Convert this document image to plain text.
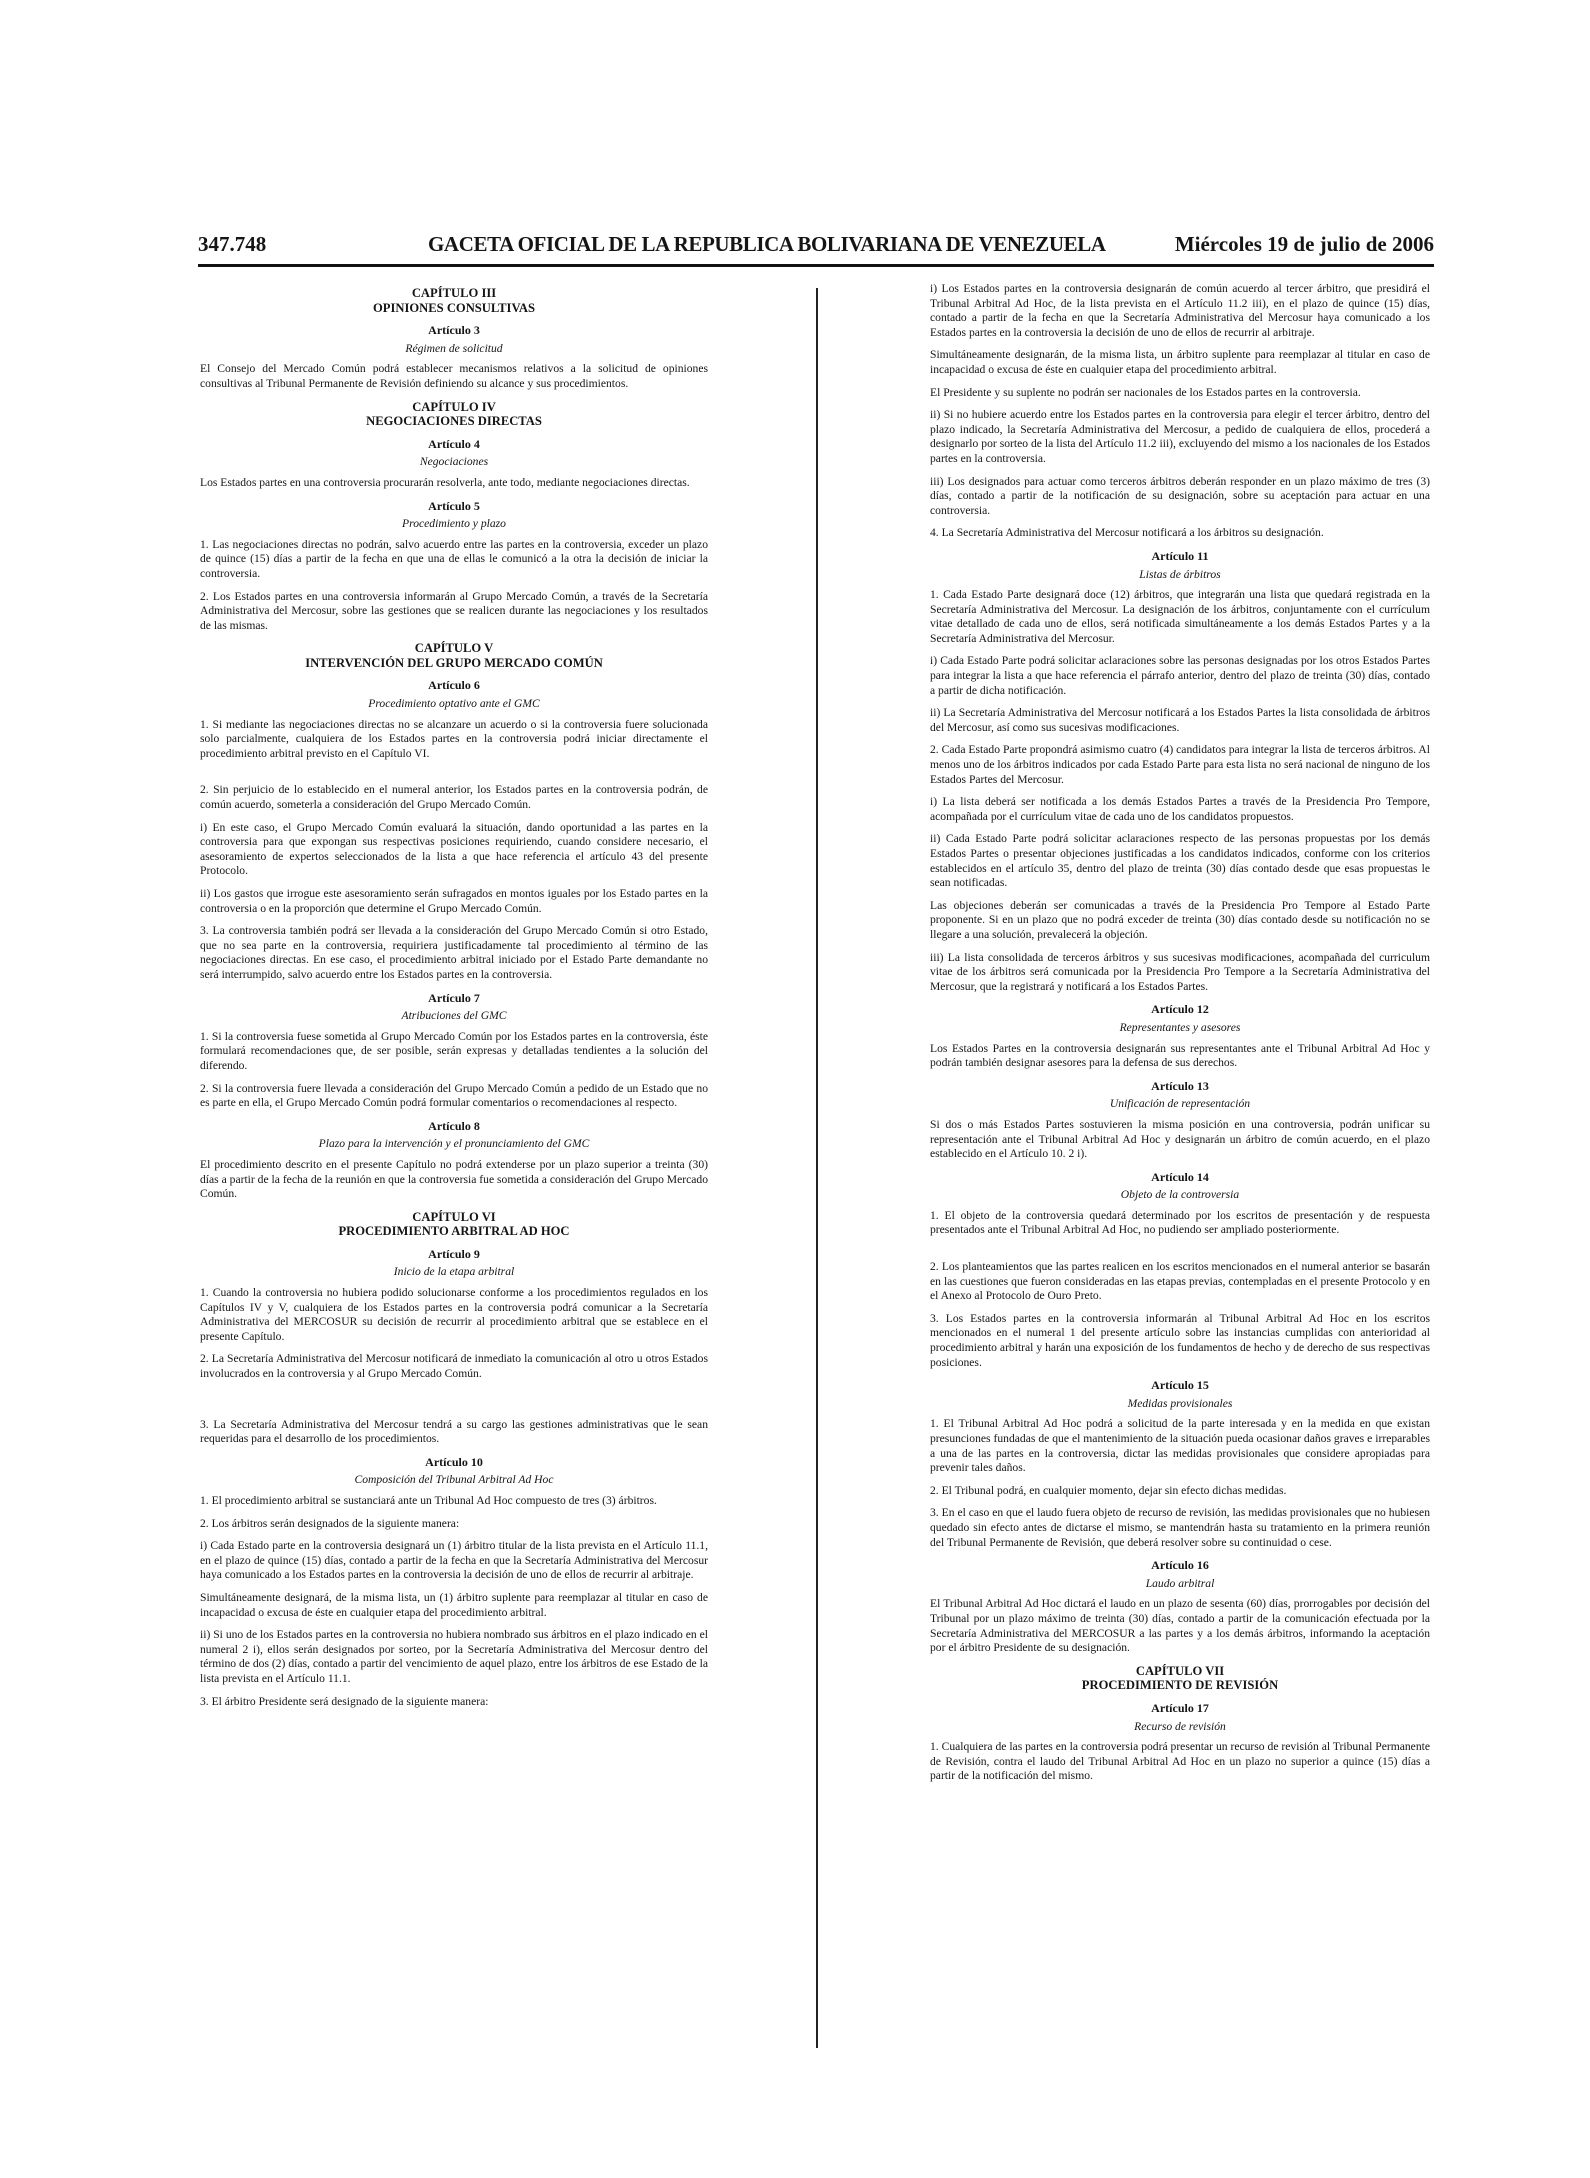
347.748	GACETA OFICIAL DE LA REPUBLICA BOLIVARIANA DE VENEZUELA	Miércoles 19 de julio de 2006
CAPÍTULO III
OPINIONES CONSULTIVAS
Artículo 3
Régimen de solicitud

El Consejo del Mercado Común podrá establecer mecanismos relativos a la solicitud de opiniones consultivas al Tribunal Permanente de Revisión definiendo su alcance y sus procedimientos.

CAPÍTULO IV
NEGOCIACIONES DIRECTAS
Artículo 4
Negociaciones

Los Estados partes en una controversia procurarán resolverla, ante todo, mediante negociaciones directas.

Artículo 5
Procedimiento y plazo

1. Las negociaciones directas no podrán, salvo acuerdo entre las partes en la controversia, exceder un plazo de quince (15) días a partir de la fecha en que una de ellas le comunicó a la otra la decisión de iniciar la controversia.

2. Los Estados partes en una controversia informarán al Grupo Mercado Común, a través de la Secretaría Administrativa del Mercosur, sobre las gestiones que se realicen durante las negociaciones y los resultados de las mismas.

CAPÍTULO V
INTERVENCIÓN DEL GRUPO MERCADO COMÚN
Artículo 6
Procedimiento optativo ante el GMC

1. Si mediante las negociaciones directas no se alcanzare un acuerdo o si la controversia fuere solucionada solo parcialmente, cualquiera de los Estados partes en la controversia podrá iniciar directamente el procedimiento arbitral previsto en el Capítulo VI.

2. Sin perjuicio de lo establecido en el numeral anterior, los Estados partes en la controversia podrán, de común acuerdo, someterla a consideración del Grupo Mercado Común.

i) En este caso, el Grupo Mercado Común evaluará la situación, dando oportunidad a las partes en la controversia para que expongan sus respectivas posiciones requiriendo, cuando considere necesario, el asesoramiento de expertos seleccionados de la lista a que hace referencia el artículo 43 del presente Protocolo.

ii) Los gastos que irrogue este asesoramiento serán sufragados en montos iguales por los Estado partes en la controversia o en la proporción que determine el Grupo Mercado Común.

3. La controversia también podrá ser llevada a la consideración del Grupo Mercado Común si otro Estado, que no sea parte en la controversia, requiriera justificadamente tal procedimiento al término de las negociaciones directas. En ese caso, el procedimiento arbitral iniciado por el Estado Parte demandante no será interrumpido, salvo acuerdo entre los Estados partes en la controversia.

Artículo 7
Atribuciones del GMC

1. Si la controversia fuese sometida al Grupo Mercado Común por los Estados partes en la controversia, éste formulará recomendaciones que, de ser posible, serán expresas y detalladas tendientes a la solución del diferendo.

2. Si la controversia fuere llevada a consideración del Grupo Mercado Común a pedido de un Estado que no es parte en ella, el Grupo Mercado Común podrá formular comentarios o recomendaciones al respecto.

Artículo 8
Plazo para la intervención y el pronunciamiento del GMC

El procedimiento descrito en el presente Capítulo no podrá extenderse por un plazo superior a treinta (30) días a partir de la fecha de la reunión en que la controversia fue sometida a consideración del Grupo Mercado Común.

CAPÍTULO VI
PROCEDIMIENTO ARBITRAL AD HOC
Artículo 9
Inicio de la etapa arbitral

1. Cuando la controversia no hubiera podido solucionarse conforme a los procedimientos regulados en los Capítulos IV y V, cualquiera de los Estados partes en la controversia podrá comunicar a la Secretaría Administrativa del MERCOSUR su decisión de recurrir al procedimiento arbitral que se establece en el presente Capítulo.

2. La Secretaría Administrativa del Mercosur notificará de inmediato la comunicación al otro u otros Estados involucrados en la controversia y al Grupo Mercado Común.

3. La Secretaría Administrativa del Mercosur tendrá a su cargo las gestiones administrativas que le sean requeridas para el desarrollo de los procedimientos.

Artículo 10
Composición del Tribunal Arbitral Ad Hoc

1. El procedimiento arbitral se sustanciará ante un Tribunal Ad Hoc compuesto de tres (3) árbitros.

2. Los árbitros serán designados de la siguiente manera:

i) Cada Estado parte en la controversia designará un (1) árbitro titular de la lista prevista en el Artículo 11.1, en el plazo de quince (15) días, contado a partir de la fecha en que la Secretaría Administrativa del Mercosur haya comunicado a los Estados partes en la controversia la decisión de uno de ellos de recurrir al arbitraje.

Simultáneamente designará, de la misma lista, un (1) árbitro suplente para reemplazar al titular en caso de incapacidad o excusa de éste en cualquier etapa del procedimiento arbitral.

ii) Si uno de los Estados partes en la controversia no hubiera nombrado sus árbitros en el plazo indicado en el numeral 2 i), ellos serán designados por sorteo, por la Secretaría Administrativa del Mercosur dentro del término de dos (2) días, contado a partir del vencimiento de aquel plazo, entre los árbitros de ese Estado de la lista prevista en el Artículo 11.1.

3. El árbitro Presidente será designado de la siguiente manera:

i) Los Estados partes en la controversia designarán de común acuerdo al tercer árbitro, que presidirá el Tribunal Arbitral Ad Hoc, de la lista prevista en el Artículo 11.2 iii), en el plazo de quince (15) días, contado a partir de la fecha en que la Secretaría Administrativa del Mercosur haya comunicado a los Estados partes en la controversia la decisión de uno de ellos de recurrir al arbitraje.

Simultáneamente designarán, de la misma lista, un árbitro suplente para reemplazar al titular en caso de incapacidad o excusa de éste en cualquier etapa del procedimiento arbitral.

El Presidente y su suplente no podrán ser nacionales de los Estados partes en la controversia.

ii) Si no hubiere acuerdo entre los Estados partes en la controversia para elegir el tercer árbitro, dentro del plazo indicado, la Secretaría Administrativa del Mercosur, a pedido de cualquiera de ellos, procederá a designarlo por sorteo de la lista del Artículo 11.2 iii), excluyendo del mismo a los nacionales de los Estados partes en la controversia.

iii) Los designados para actuar como terceros árbitros deberán responder en un plazo máximo de tres (3) días, contado a partir de la notificación de su designación, sobre su aceptación para actuar en una controversia.

4. La Secretaría Administrativa del Mercosur notificará a los árbitros su designación.

Artículo 11
Listas de árbitros

1. Cada Estado Parte designará doce (12) árbitros, que integrarán una lista que quedará registrada en la Secretaría Administrativa del Mercosur. La designación de los árbitros, conjuntamente con el currículum vitae detallado de cada uno de ellos, será notificada simultáneamente a los demás Estados Partes y a la Secretaría Administrativa del Mercosur.

i) Cada Estado Parte podrá solicitar aclaraciones sobre las personas designadas por los otros Estados Partes para integrar la lista a que hace referencia el párrafo anterior, dentro del plazo de treinta (30) días, contado a partir de dicha notificación.

ii) La Secretaría Administrativa del Mercosur notificará a los Estados Partes la lista consolidada de árbitros del Mercosur, así como sus sucesivas modificaciones.

2. Cada Estado Parte propondrá asimismo cuatro (4) candidatos para integrar la lista de terceros árbitros. Al menos uno de los árbitros indicados por cada Estado Parte para esta lista no será nacional de ninguno de los Estados Partes del Mercosur.

i) La lista deberá ser notificada a los demás Estados Partes a través de la Presidencia Pro Tempore, acompañada por el currículum vitae de cada uno de los candidatos propuestos.

ii) Cada Estado Parte podrá solicitar aclaraciones respecto de las personas propuestas por los demás Estados Partes o presentar objeciones justificadas a los candidatos indicados, conforme con los criterios establecidos en el artículo 35, dentro del plazo de treinta (30) días contado desde que esas propuestas le sean notificadas.

Las objeciones deberán ser comunicadas a través de la Presidencia Pro Tempore al Estado Parte proponente. Si en un plazo que no podrá exceder de treinta (30) días contado desde su notificación no se llegare a una solución, prevalecerá la objeción.

iii) La lista consolidada de terceros árbitros y sus sucesivas modificaciones, acompañada del curriculum vitae de los árbitros será comunicada por la Presidencia Pro Tempore a la Secretaría Administrativa del Mercosur, que la registrará y notificará a los Estados Partes.

Artículo 12
Representantes y asesores

Los Estados Partes en la controversia designarán sus representantes ante el Tribunal Arbitral Ad Hoc y podrán también designar asesores para la defensa de sus derechos.

Artículo 13
Unificación de representación

Si dos o más Estados Partes sostuvieren la misma posición en una controversia, podrán unificar su representación ante el Tribunal Arbitral Ad Hoc y designarán un árbitro de común acuerdo, en el plazo establecido en el Artículo 10. 2 i).

Artículo 14
Objeto de la controversia

1. El objeto de la controversia quedará determinado por los escritos de presentación y de respuesta presentados ante el Tribunal Arbitral Ad Hoc, no pudiendo ser ampliado posteriormente.

2. Los planteamientos que las partes realicen en los escritos mencionados en el numeral anterior se basarán en las cuestiones que fueron consideradas en las etapas previas, contempladas en el presente Protocolo y en el Anexo al Protocolo de Ouro Preto.

3. Los Estados partes en la controversia informarán al Tribunal Arbitral Ad Hoc en los escritos mencionados en el numeral 1 del presente artículo sobre las instancias cumplidas con anterioridad al procedimiento arbitral y harán una exposición de los fundamentos de hecho y de derecho de sus respectivas posiciones.

Artículo 15
Medidas provisionales

1. El Tribunal Arbitral Ad Hoc podrá a solicitud de la parte interesada y en la medida en que existan presunciones fundadas de que el mantenimiento de la situación pueda ocasionar daños graves e irreparables a una de las partes en la controversia, dictar las medidas provisionales que considere apropiadas para prevenir tales daños.

2. El Tribunal podrá, en cualquier momento, dejar sin efecto dichas medidas.

3. En el caso en que el laudo fuera objeto de recurso de revisión, las medidas provisionales que no hubiesen quedado sin efecto antes de dictarse el mismo, se mantendrán hasta su tratamiento en la primera reunión del Tribunal Permanente de Revisión, que deberá resolver sobre su continuidad o cese.

Artículo 16
Laudo arbitral

El Tribunal Arbitral Ad Hoc dictará el laudo en un plazo de sesenta (60) días, prorrogables por decisión del Tribunal por un plazo máximo de treinta (30) días, contado a partir de la comunicación efectuada por la Secretaría Administrativa del MERCOSUR a las partes y a los demás árbitros, informando la aceptación por el árbitro Presidente de su designación.

CAPÍTULO VII
PROCEDIMIENTO DE REVISIÓN
Artículo 17
Recurso de revisión

1. Cualquiera de las partes en la controversia podrá presentar un recurso de revisión al Tribunal Permanente de Revisión, contra el laudo del Tribunal Arbitral Ad Hoc en un plazo no superior a quince (15) días a partir de la notificación del mismo.
